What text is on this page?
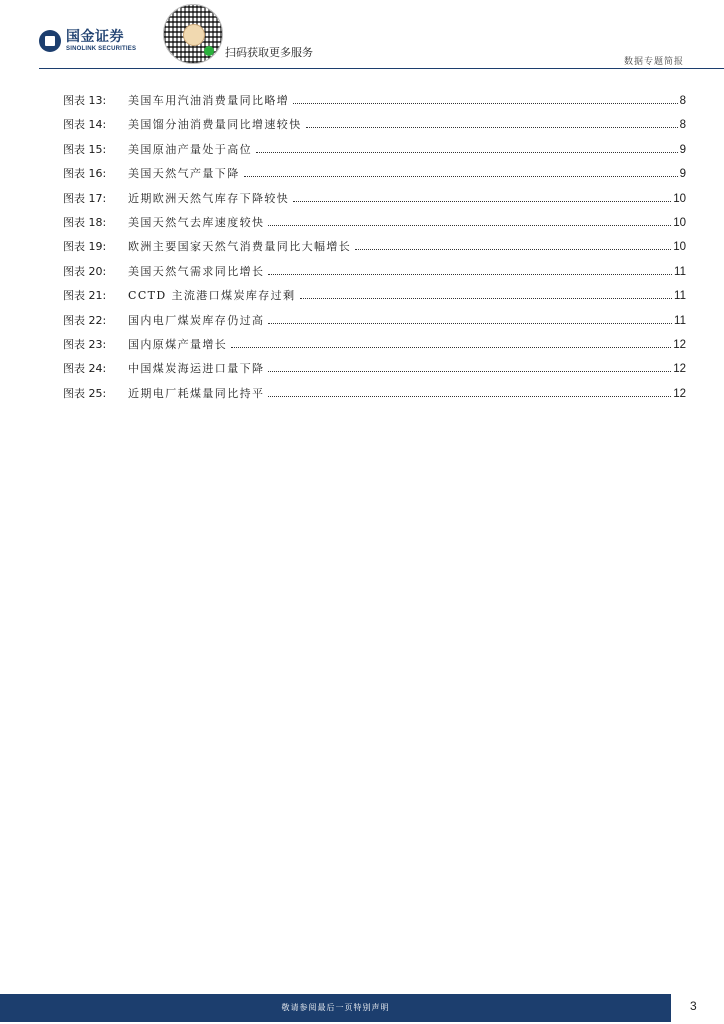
国金证券
SINOLINK SECURITIES	扫码获取更多服务
数据专题简报
图表 13:	美国车用汽油消费量同比略增	8
图表 14:	美国馏分油消费量同比增速较快	8
图表 15:	美国原油产量处于高位	9
图表 16:	美国天然气产量下降	9
图表 17:	近期欧洲天然气库存下降较快	10
图表 18:	美国天然气去库速度较快	10
图表 19:	欧洲主要国家天然气消费量同比大幅增长	10
图表 20:	美国天然气需求同比增长	11
图表 21:	CCTD 主流港口煤炭库存过剩	11
图表 22:	国内电厂煤炭库存仍过高	11
图表 23:	国内原煤产量增长	12
图表 24:	中国煤炭海运进口量下降	12
图表 25:	近期电厂耗煤量同比持平	12
敬请参阅最后一页特别声明	3
